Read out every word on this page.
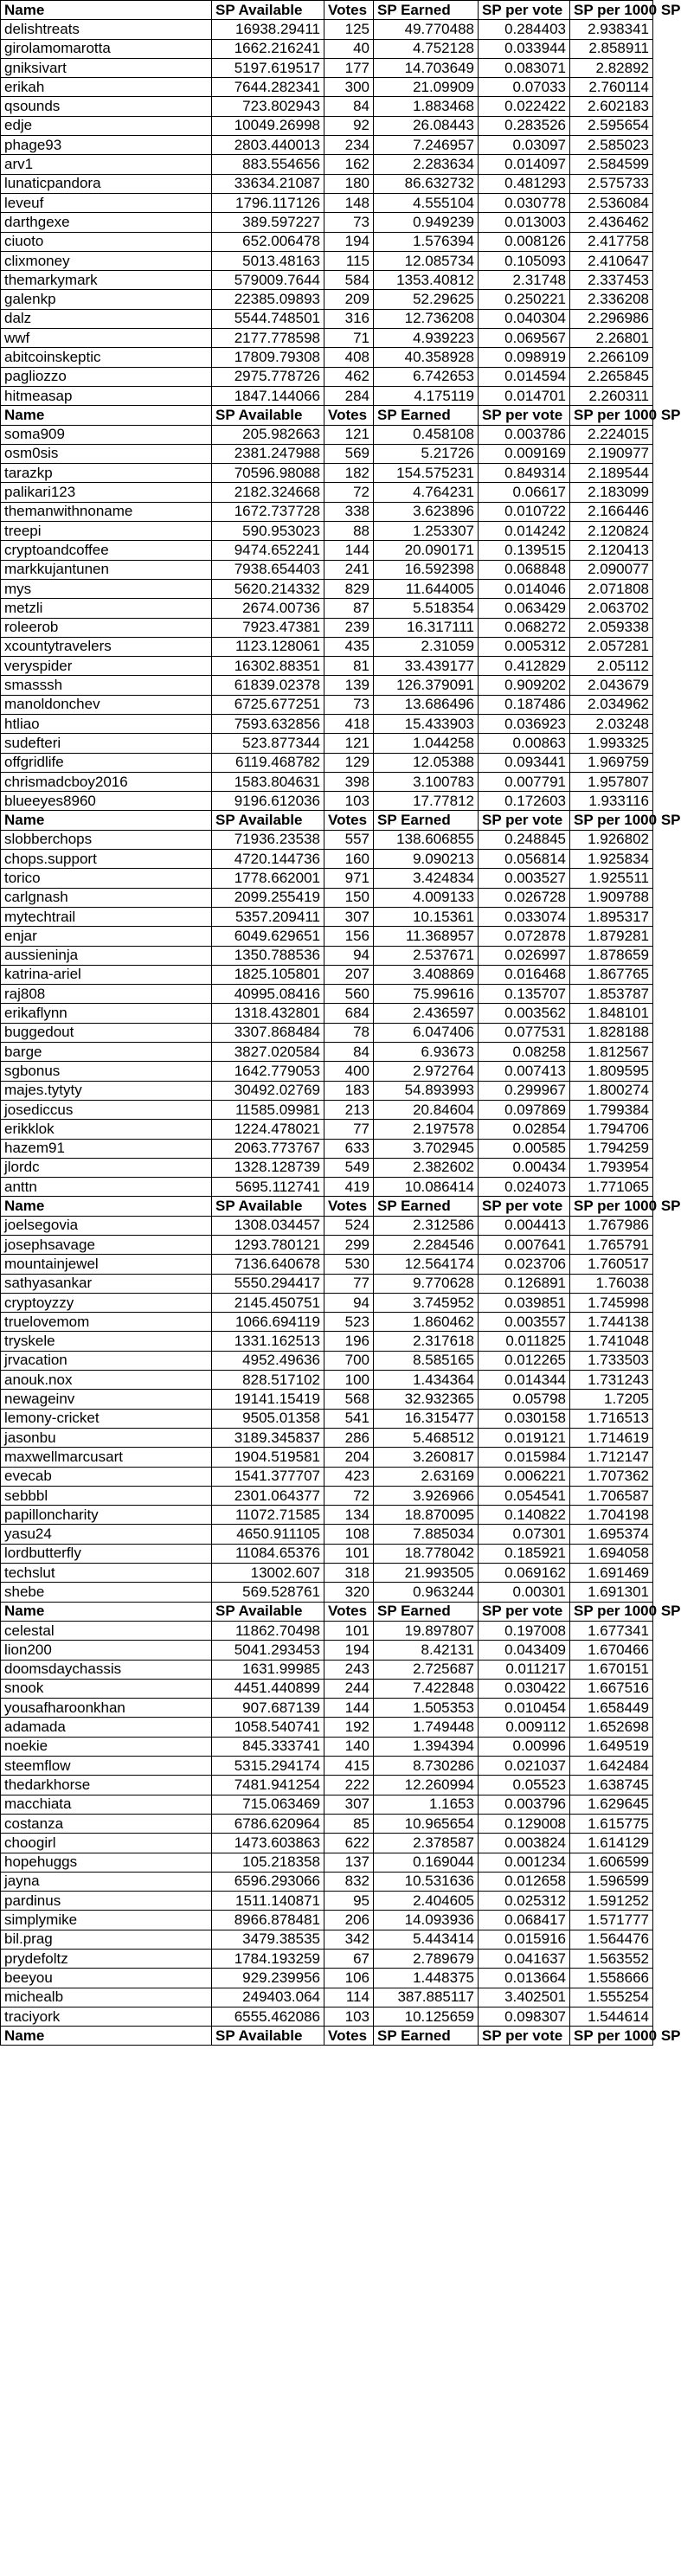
Name	SP Available	Votes	SP Earned	SP per vote	SP per 1000 SP
delishtreats	16938.29411	125	49.770488	0.284403	2.938341
girolamomarotta	1662.216241	40	4.752128	0.033944	2.858911
gniksivart	5197.619517	177	14.703649	0.083071	2.82892
erikah	7644.282341	300	21.09909	0.07033	2.760114
qsounds	723.802943	84	1.883468	0.022422	2.602183
edje	10049.26998	92	26.08443	0.283526	2.595654
phage93	2803.440013	234	7.246957	0.03097	2.585023
arv1	883.554656	162	2.283634	0.014097	2.584599
lunaticpandora	33634.21087	180	86.632732	0.481293	2.575733
leveuf	1796.117126	148	4.555104	0.030778	2.536084
darthgexe	389.597227	73	0.949239	0.013003	2.436462
ciuoto	652.006478	194	1.576394	0.008126	2.417758
clixmoney	5013.48163	115	12.085734	0.105093	2.410647
themarkymark	579009.7644	584	1353.40812	2.31748	2.337453
galenkp	22385.09893	209	52.29625	0.250221	2.336208
dalz	5544.748501	316	12.736208	0.040304	2.296986
wwf	2177.778598	71	4.939223	0.069567	2.26801
abitcoinskeptic	17809.79308	408	40.358928	0.098919	2.266109
pagliozzo	2975.778726	462	6.742653	0.014594	2.265845
hitmeasap	1847.144066	284	4.175119	0.014701	2.260311
Name	SP Available	Votes	SP Earned	SP per vote	SP per 1000 SP
soma909	205.982663	121	0.458108	0.003786	2.224015
osm0sis	2381.247988	569	5.21726	0.009169	2.190977
tarazkp	70596.98088	182	154.575231	0.849314	2.189544
palikari123	2182.324668	72	4.764231	0.06617	2.183099
themanwithnoname	1672.737728	338	3.623896	0.010722	2.166446
treepi	590.953023	88	1.253307	0.014242	2.120824
cryptoandcoffee	9474.652241	144	20.090171	0.139515	2.120413
markkujantunen	7938.654403	241	16.592398	0.068848	2.090077
mys	5620.214332	829	11.644005	0.014046	2.071808
metzli	2674.00736	87	5.518354	0.063429	2.063702
roleerob	7923.47381	239	16.317111	0.068272	2.059338
xcountytravelers	1123.128061	435	2.31059	0.005312	2.057281
veryspider	16302.88351	81	33.439177	0.412829	2.05112
smasssh	61839.02378	139	126.379091	0.909202	2.043679
manoldonchev	6725.677251	73	13.686496	0.187486	2.034962
htliao	7593.632856	418	15.433903	0.036923	2.03248
sudefteri	523.877344	121	1.044258	0.00863	1.993325
offgridlife	6119.468782	129	12.05388	0.093441	1.969759
chrismadcboy2016	1583.804631	398	3.100783	0.007791	1.957807
blueeyes8960	9196.612036	103	17.77812	0.172603	1.933116
Name	SP Available	Votes	SP Earned	SP per vote	SP per 1000 SP
slobberchops	71936.23538	557	138.606855	0.248845	1.926802
chops.support	4720.144736	160	9.090213	0.056814	1.925834
torico	1778.662001	971	3.424834	0.003527	1.925511
carlgnash	2099.255419	150	4.009133	0.026728	1.909788
mytechtrail	5357.209411	307	10.15361	0.033074	1.895317
enjar	6049.629651	156	11.368957	0.072878	1.879281
aussieninja	1350.788536	94	2.537671	0.026997	1.878659
katrina-ariel	1825.105801	207	3.408869	0.016468	1.867765
raj808	40995.08416	560	75.99616	0.135707	1.853787
erikaflynn	1318.432801	684	2.436597	0.003562	1.848101
buggedout	3307.868484	78	6.047406	0.077531	1.828188
barge	3827.020584	84	6.93673	0.08258	1.812567
sgbonus	1642.779053	400	2.972764	0.007413	1.809595
majes.tytyty	30492.02769	183	54.893993	0.299967	1.800274
josediccus	11585.09981	213	20.84604	0.097869	1.799384
erikklok	1224.478021	77	2.197578	0.02854	1.794706
hazem91	2063.773767	633	3.702945	0.00585	1.794259
jlordc	1328.128739	549	2.382602	0.00434	1.793954
anttn	5695.112741	419	10.086414	0.024073	1.771065
Name	SP Available	Votes	SP Earned	SP per vote	SP per 1000 SP
joelsegovia	1308.034457	524	2.312586	0.004413	1.767986
josephsavage	1293.780121	299	2.284546	0.007641	1.765791
mountainjewel	7136.640678	530	12.564174	0.023706	1.760517
sathyasankar	5550.294417	77	9.770628	0.126891	1.76038
cryptoyzzy	2145.450751	94	3.745952	0.039851	1.745998
truelovemom	1066.694119	523	1.860462	0.003557	1.744138
tryskele	1331.162513	196	2.317618	0.011825	1.741048
jrvacation	4952.49636	700	8.585165	0.012265	1.733503
anouk.nox	828.517102	100	1.434364	0.014344	1.731243
newageinv	19141.15419	568	32.932365	0.05798	1.7205
lemony-cricket	9505.01358	541	16.315477	0.030158	1.716513
jasonbu	3189.345837	286	5.468512	0.019121	1.714619
maxwellmarcusart	1904.519581	204	3.260817	0.015984	1.712147
evecab	1541.377707	423	2.63169	0.006221	1.707362
sebbbl	2301.064377	72	3.926966	0.054541	1.706587
papilloncharity	11072.71585	134	18.870095	0.140822	1.704198
yasu24	4650.911105	108	7.885034	0.07301	1.695374
lordbutterfly	11084.65376	101	18.778042	0.185921	1.694058
techslut	13002.607	318	21.993505	0.069162	1.691469
shebe	569.528761	320	0.963244	0.00301	1.691301
Name	SP Available	Votes	SP Earned	SP per vote	SP per 1000 SP
celestal	11862.70498	101	19.897807	0.197008	1.677341
lion200	5041.293453	194	8.42131	0.043409	1.670466
doomsdaychassis	1631.99985	243	2.725687	0.011217	1.670151
snook	4451.440899	244	7.422848	0.030422	1.667516
yousafharoonkhan	907.687139	144	1.505353	0.010454	1.658449
adamada	1058.540741	192	1.749448	0.009112	1.652698
noekie	845.333741	140	1.394394	0.00996	1.649519
steemflow	5315.294174	415	8.730286	0.021037	1.642484
thedarkhorse	7481.941254	222	12.260994	0.05523	1.638745
macchiata	715.063469	307	1.1653	0.003796	1.629645
costanza	6786.620964	85	10.965654	0.129008	1.615775
choogirl	1473.603863	622	2.378587	0.003824	1.614129
hopehuggs	105.218358	137	0.169044	0.001234	1.606599
jayna	6596.293066	832	10.531636	0.012658	1.596599
pardinus	1511.140871	95	2.404605	0.025312	1.591252
simplymike	8966.878481	206	14.093936	0.068417	1.571777
bil.prag	3479.38535	342	5.443414	0.015916	1.564476
prydefoltz	1784.193259	67	2.789679	0.041637	1.563552
beeyou	929.239956	106	1.448375	0.013664	1.558666
michealb	249403.064	114	387.885117	3.402501	1.555254
traciyork	6555.462086	103	10.125659	0.098307	1.544614
Name	SP Available	Votes	SP Earned	SP per vote	SP per 1000 SP
